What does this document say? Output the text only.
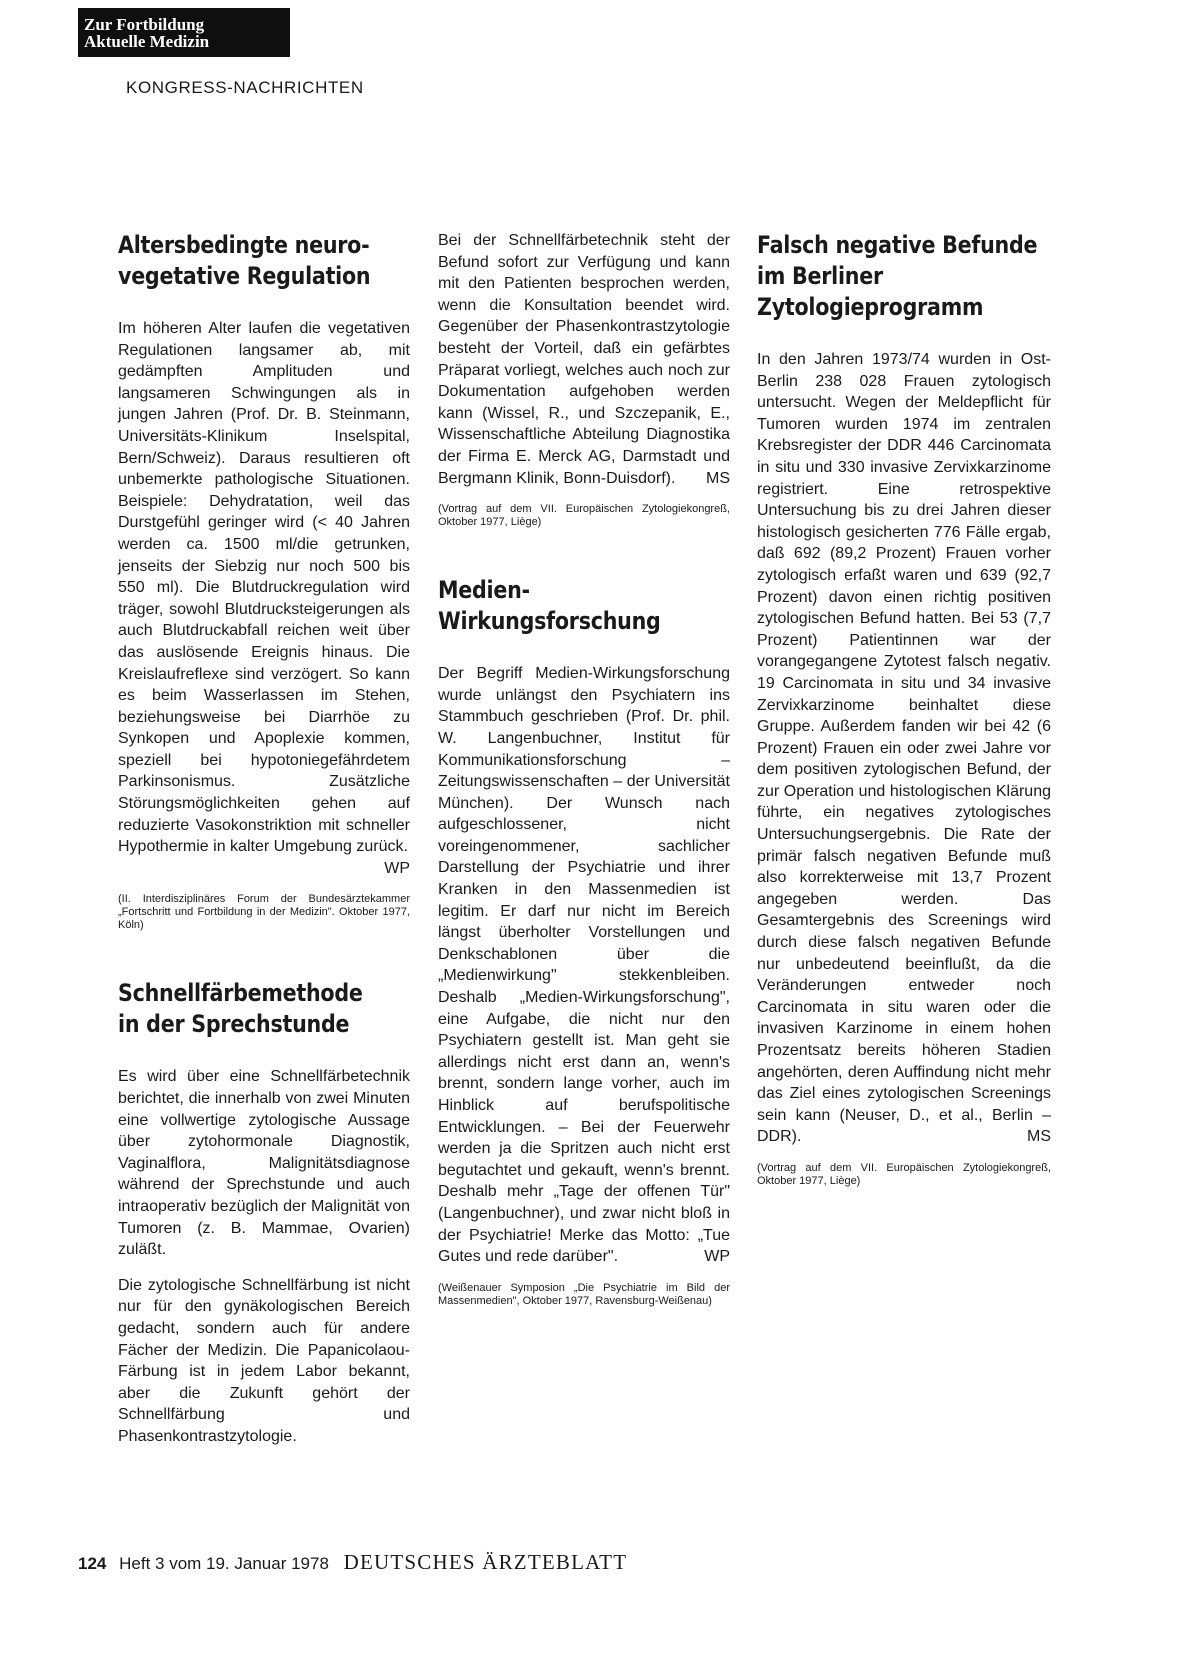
Zur Fortbildung
Aktuelle Medizin
KONGRESS-NACHRICHTEN
Altersbedingte neuro-
vegetative Regulation

Im höheren Alter laufen die vegetativen Regulationen langsamer ab, mit gedämpften Amplituden und langsameren Schwingungen als in jungen Jahren (Prof. Dr. B. Steinmann, Universitäts-Klinikum Inselspital, Bern/Schweiz). Daraus resultieren oft unbemerkte pathologische Situationen. Beispiele: Dehydratation, weil das Durstgefühl geringer wird (< 40 Jahren werden ca. 1500 ml/die getrunken, jenseits der Siebzig nur noch 500 bis 550 ml). Die Blutdruckregulation wird träger, sowohl Blutdrucksteigerungen als auch Blutdruckabfall reichen weit über das auslösende Ereignis hinaus. Die Kreislaufreflexe sind verzögert. So kann es beim Wasserlassen im Stehen, beziehungsweise bei Diarrhöe zu Synkopen und Apoplexie kommen, speziell bei hypotoniegefährdetem Parkinsonismus. Zusätzliche Störungsmöglichkeiten gehen auf reduzierte Vasokonstriktion mit schneller Hypothermie in kalter Umgebung zurück.
WP

(II. Interdisziplinäres Forum der Bundesärztekammer „Fortschritt und Fortbildung in der Medizin". Oktober 1977, Köln)

Schnellfärbemethode
in der Sprechstunde

Es wird über eine Schnellfärbetechnik berichtet, die innerhalb von zwei Minuten eine vollwertige zytologische Aussage über zytohormonale Diagnostik, Vaginalflora, Malignitätsdiagnose während der Sprechstunde und auch intraoperativ bezüglich der Malignität von Tumoren (z. B. Mammae, Ovarien) zuläßt.

Die zytologische Schnellfärbung ist nicht nur für den gynäkologischen Bereich gedacht, sondern auch für andere Fächer der Medizin. Die Papanicolaou-Färbung ist in jedem Labor bekannt, aber die Zukunft gehört der Schnellfärbung und Phasenkontrastzytologie.

Bei der Schnellfärbetechnik steht der Befund sofort zur Verfügung und kann mit den Patienten besprochen werden, wenn die Konsultation beendet wird. Gegenüber der Phasenkontrastzytologie besteht der Vorteil, daß ein gefärbtes Präparat vorliegt, welches auch noch zur Dokumentation aufgehoben werden kann (Wissel, R., und Szczepanik, E., Wissenschaftliche Abteilung Diagnostika der Firma E. Merck AG, Darmstadt und Bergmann Klinik, Bonn-Duisdorf). MS

(Vortrag auf dem VII. Europäischen Zytologiekongreß, Oktober 1977, Liège)

Medien-
Wirkungsforschung

Der Begriff Medien-Wirkungsforschung wurde unlängst den Psychiatern ins Stammbuch geschrieben (Prof. Dr. phil. W. Langenbuchner, Institut für Kommunikationsforschung – Zeitungswissenschaften – der Universität München). Der Wunsch nach aufgeschlossener, nicht voreingenommener, sachlicher Darstellung der Psychiatrie und ihrer Kranken in den Massenmedien ist legitim. Er darf nur nicht im Bereich längst überholter Vorstellungen und Denkschablonen über die „Medienwirkung" stekkenbleiben. Deshalb „Medien-Wirkungsforschung", eine Aufgabe, die nicht nur den Psychiatern gestellt ist. Man geht sie allerdings nicht erst dann an, wenn's brennt, sondern lange vorher, auch im Hinblick auf berufspolitische Entwicklungen. – Bei der Feuerwehr werden ja die Spritzen auch nicht erst begutachtet und gekauft, wenn's brennt. Deshalb mehr „Tage der offenen Tür" (Langenbuchner), und zwar nicht bloß in der Psychiatrie! Merke das Motto: „Tue Gutes und rede darüber".	WP

(Weißenauer Symposion „Die Psychiatrie im Bild der Massenmedien", Oktober 1977, Ravensburg-Weißenau)

Falsch negative Befunde
im Berliner
Zytologieprogramm

In den Jahren 1973/74 wurden in Ost-Berlin 238 028 Frauen zytologisch untersucht. Wegen der Meldepflicht für Tumoren wurden 1974 im zentralen Krebsregister der DDR 446 Carcinomata in situ und 330 invasive Zervixkarzinome registriert. Eine retrospektive Untersuchung bis zu drei Jahren dieser histologisch gesicherten 776 Fälle ergab, daß 692 (89,2 Prozent) Frauen vorher zytologisch erfaßt waren und 639 (92,7 Prozent) davon einen richtig positiven zytologischen Befund hatten. Bei 53 (7,7 Prozent) Patientinnen war der vorangegangene Zytotest falsch negativ. 19 Carcinomata in situ und 34 invasive Zervixkarzinome beinhaltet diese Gruppe. Außerdem fanden wir bei 42 (6 Prozent) Frauen ein oder zwei Jahre vor dem positiven zytologischen Befund, der zur Operation und histologischen Klärung führte, ein negatives zytologisches Untersuchungsergebnis. Die Rate der primär falsch negativen Befunde muß also korrekterweise mit 13,7 Prozent angegeben werden. Das Gesamtergebnis des Screenings wird durch diese falsch negativen Befunde nur unbedeutend beeinflußt, da die Veränderungen entweder noch Carcinomata in situ waren oder die invasiven Karzinome in einem hohen Prozentsatz bereits höheren Stadien angehörten, deren Auffindung nicht mehr das Ziel eines zytologischen Screenings sein kann (Neuser, D., et al., Berlin – DDR).	MS

(Vortrag auf dem VII. Europäischen Zytologiekongreß, Oktober 1977, Liège)

124 Heft 3 vom 19. Januar 1978 DEUTSCHES ÄRZTEBLATT
